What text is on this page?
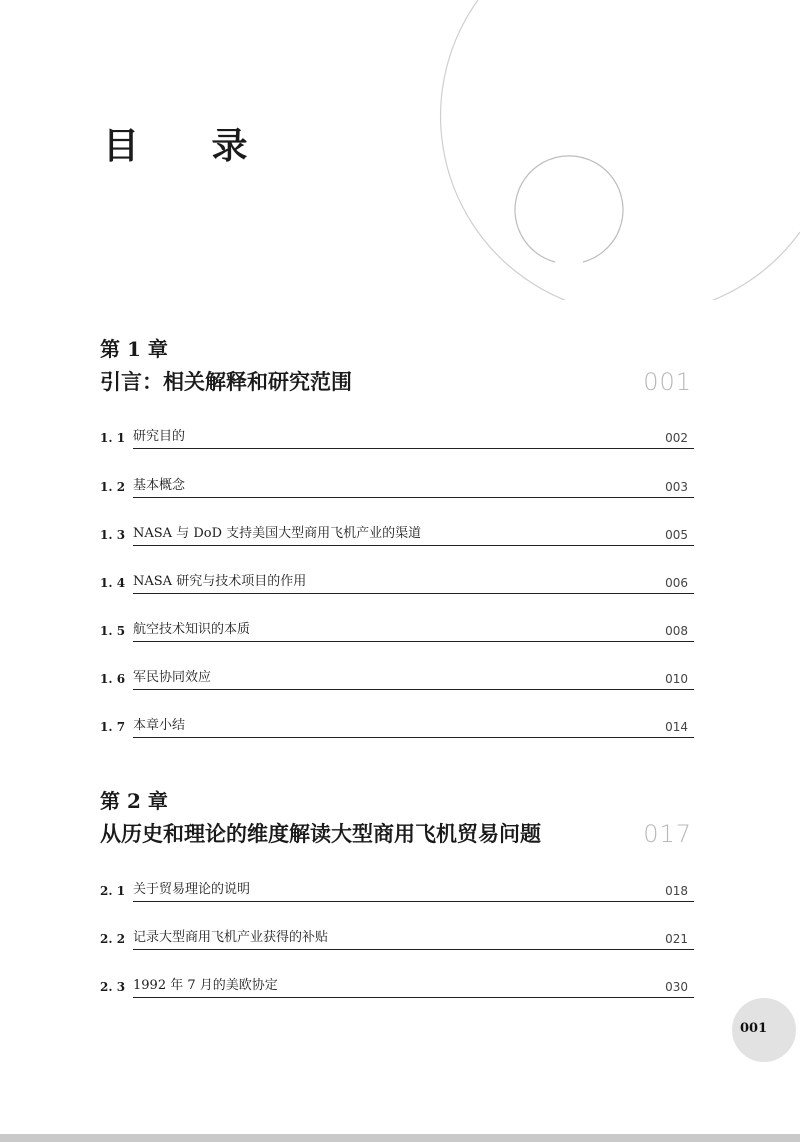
目 录
第 1 章
引言：相关解释和研究范围	001
1. 1 研究目的	002
1. 2 基本概念	003
1. 3 NASA 与 DoD 支持美国大型商用飞机产业的渠道	005
1. 4 NASA 研究与技术项目的作用	006
1. 5 航空技术知识的本质	008
1. 6 军民协同效应	010
1. 7 本章小结	014
第 2 章
从历史和理论的维度解读大型商用飞机贸易问题	017
2. 1 关于贸易理论的说明	018
2. 2 记录大型商用飞机产业获得的补贴	021
2. 3 1992 年 7 月的美欧协定	030
001
